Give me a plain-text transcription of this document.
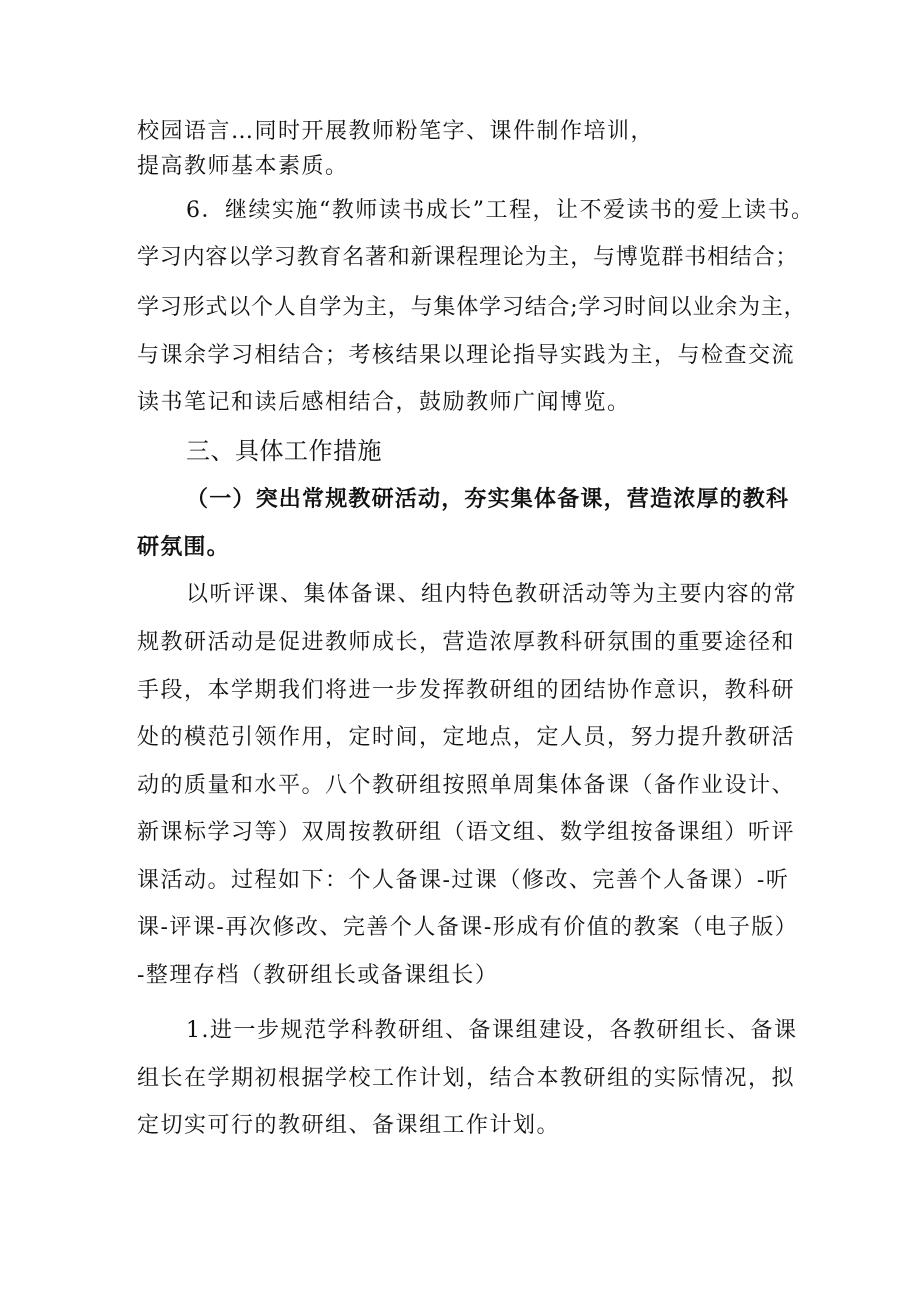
校园语言…同时开展教师粉笔字、课件制作培训，
提高教师基本素质。
6．继续实施“教师读书成长”工程，让不爱读书的爱上读书。
学习内容以学习教育名著和新课程理论为主，与博览群书相结合；
学习形式以个人自学为主，与集体学习结合;学习时间以业余为主，
与课余学习相结合；考核结果以理论指导实践为主，与检查交流
读书笔记和读后感相结合，鼓励教师广闻博览。
三、具体工作措施
（一）突出常规教研活动，夯实集体备课，营造浓厚的教科
研氛围。
以听评课、集体备课、组内特色教研活动等为主要内容的常
规教研活动是促进教师成长，营造浓厚教科研氛围的重要途径和
手段，本学期我们将进一步发挥教研组的团结协作意识，教科研
处的模范引领作用，定时间，定地点，定人员，努力提升教研活
动的质量和水平。八个教研组按照单周集体备课（备作业设计、
新课标学习等）双周按教研组（语文组、数学组按备课组）听评
课活动。过程如下：个人备课-过课（修改、完善个人备课）-听
课-评课-再次修改、完善个人备课-形成有价值的教案（电子版）
-整理存档（教研组长或备课组长）
1.进一步规范学科教研组、备课组建设，各教研组长、备课
组长在学期初根据学校工作计划，结合本教研组的实际情况，拟
定切实可行的教研组、备课组工作计划。
